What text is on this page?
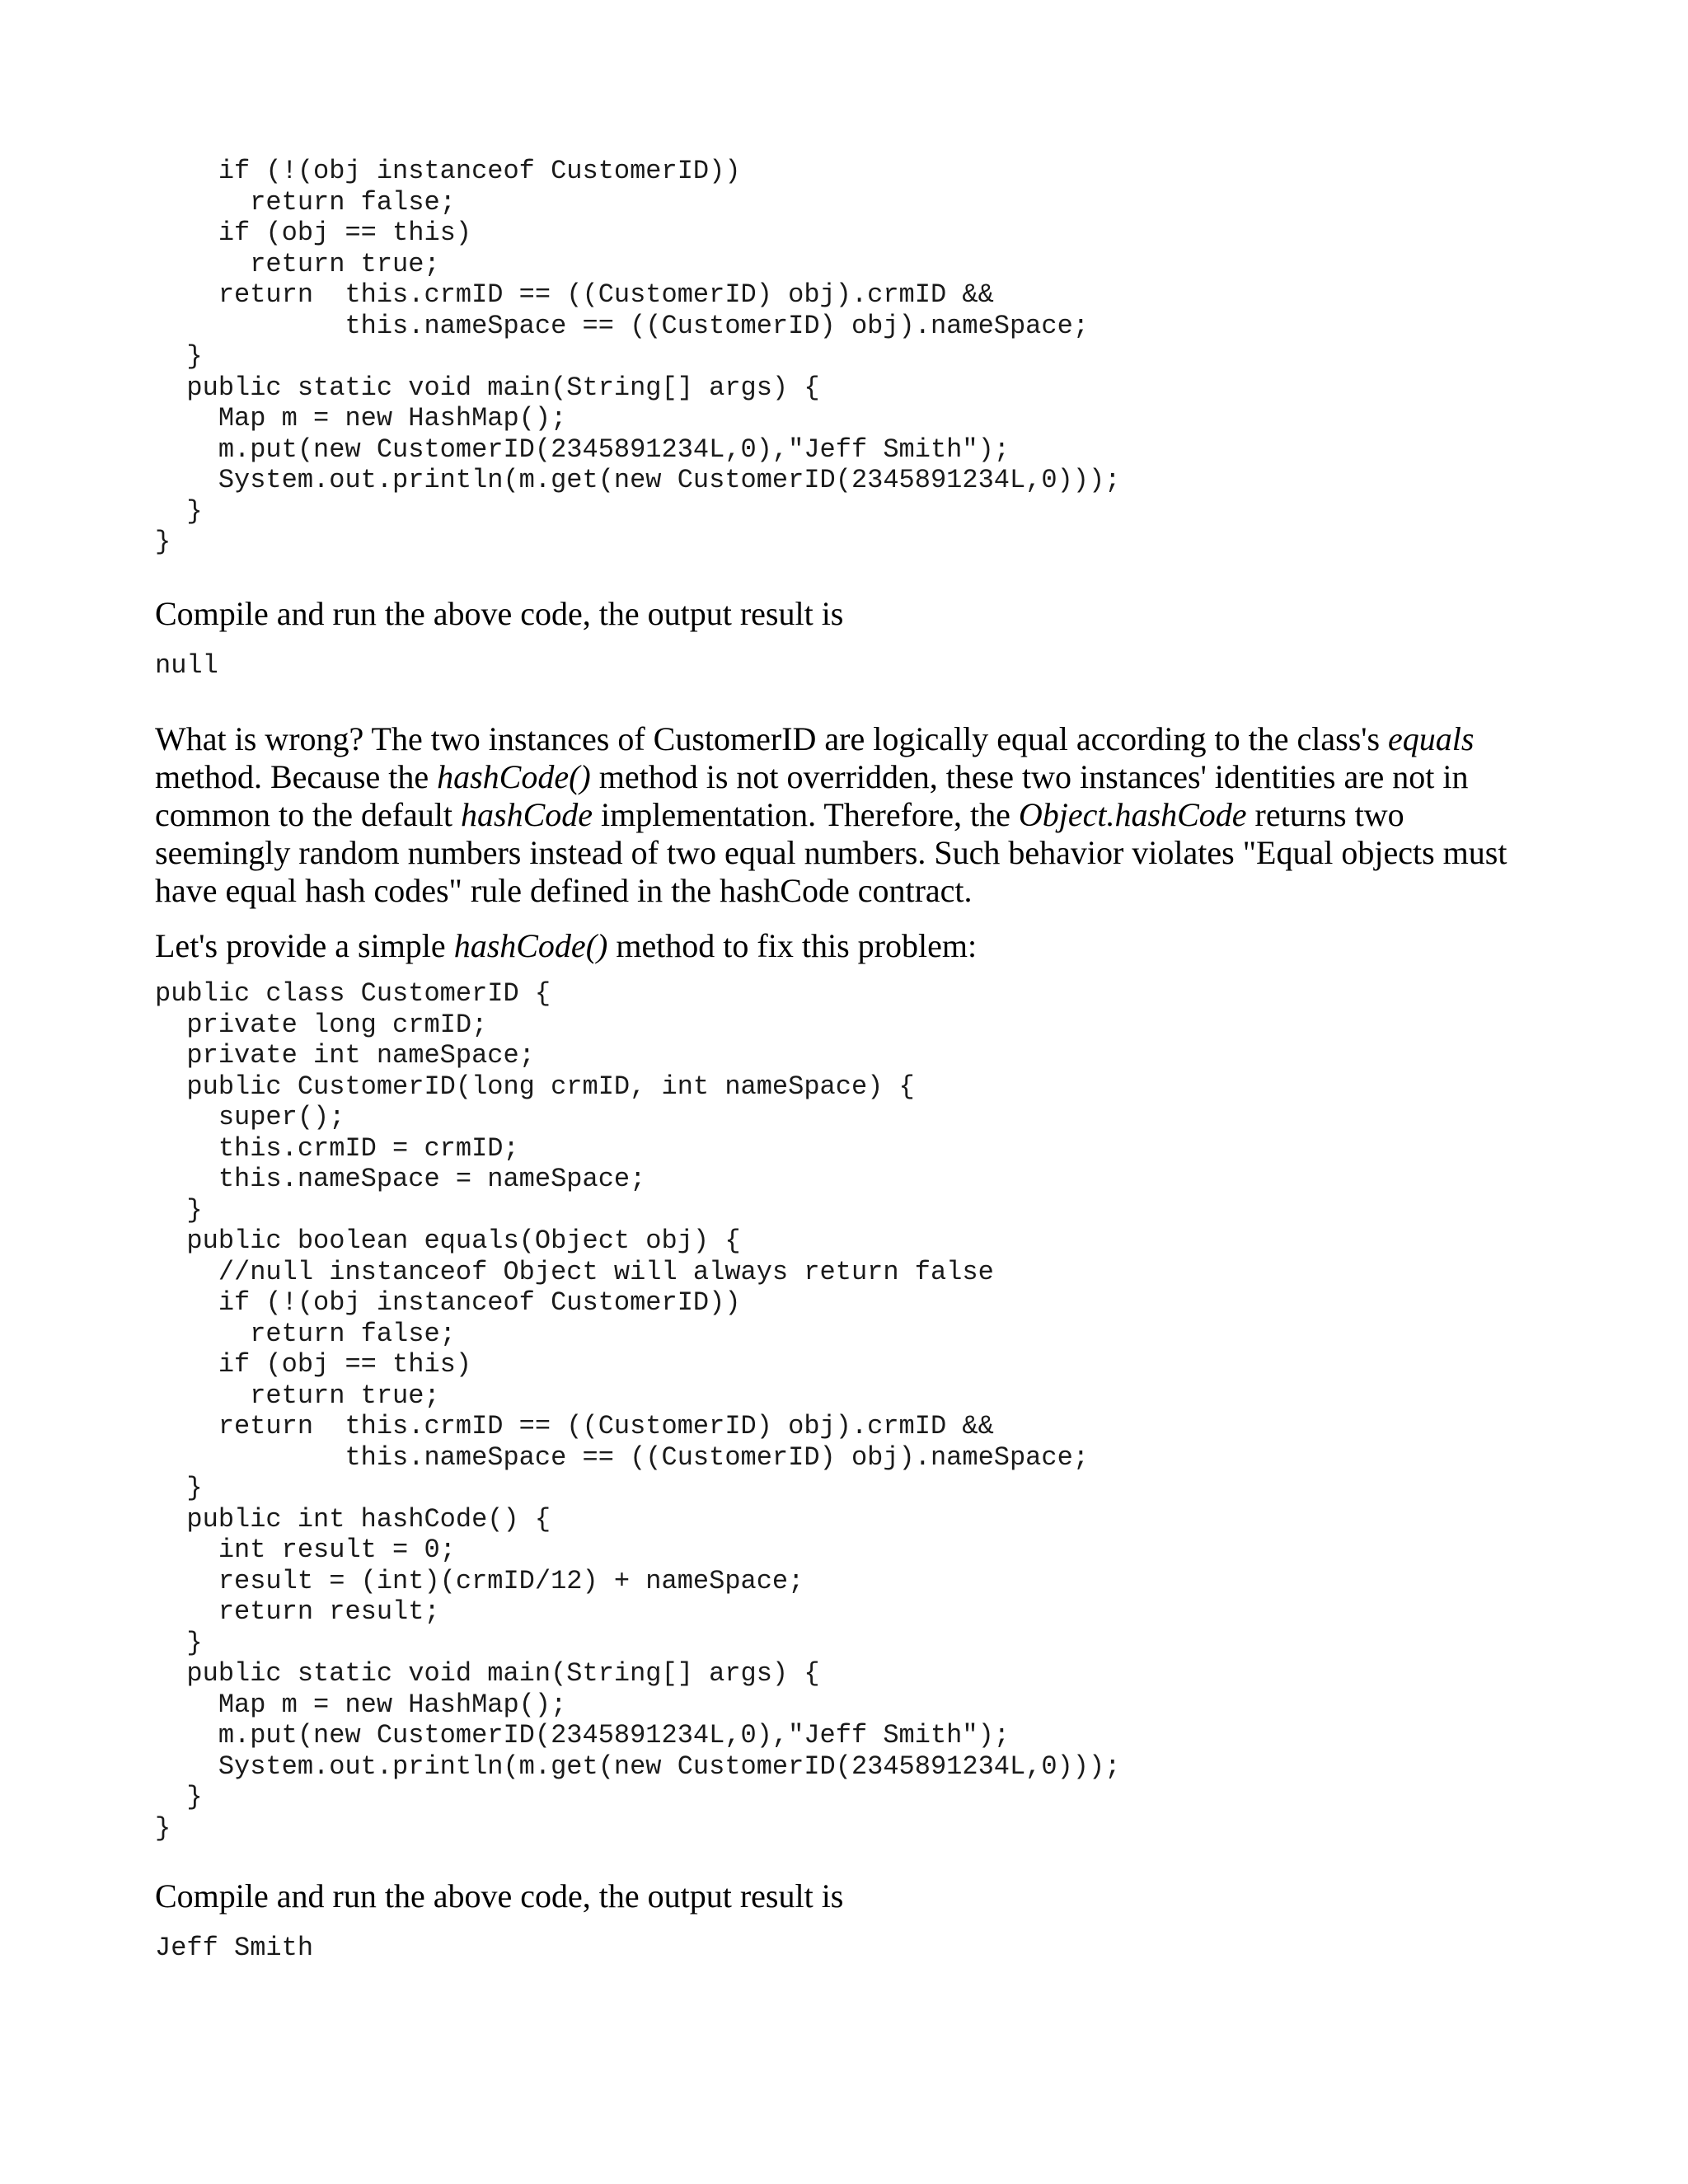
if (!(obj instanceof CustomerID))
return false;
if (obj == this)
return true;
return  this.crmID == ((CustomerID) obj).crmID &&
this.nameSpace == ((CustomerID) obj).nameSpace;
}
public static void main(String[] args) {
Map m = new HashMap();
m.put(new CustomerID(2345891234L,0),"Jeff Smith");
System.out.println(m.get(new CustomerID(2345891234L,0)));
}
}

Compile and run the above code, the output result is

null

What is wrong? The two instances of CustomerID are logically equal according to the class's equals method. Because the hashCode() method is not overridden, these two instances' identities are not in common to the default hashCode implementation. Therefore, the Object.hashCode returns two seemingly random numbers instead of two equal numbers. Such behavior violates "Equal objects must have equal hash codes" rule defined in the hashCode contract.

Let's provide a simple hashCode() method to fix this problem:

public class CustomerID {
private long crmID;
private int nameSpace;
public CustomerID(long crmID, int nameSpace) {
super();
this.crmID = crmID;
this.nameSpace = nameSpace;
}
public boolean equals(Object obj) {
//null instanceof Object will always return false
if (!(obj instanceof CustomerID))
return false;
if (obj == this)
return true;
return  this.crmID == ((CustomerID) obj).crmID &&
this.nameSpace == ((CustomerID) obj).nameSpace;
}
public int hashCode() {
int result = 0;
result = (int)(crmID/12) + nameSpace;
return result;
}
public static void main(String[] args) {
Map m = new HashMap();
m.put(new CustomerID(2345891234L,0),"Jeff Smith");
System.out.println(m.get(new CustomerID(2345891234L,0)));
}
}

Compile and run the above code, the output result is

Jeff Smith
